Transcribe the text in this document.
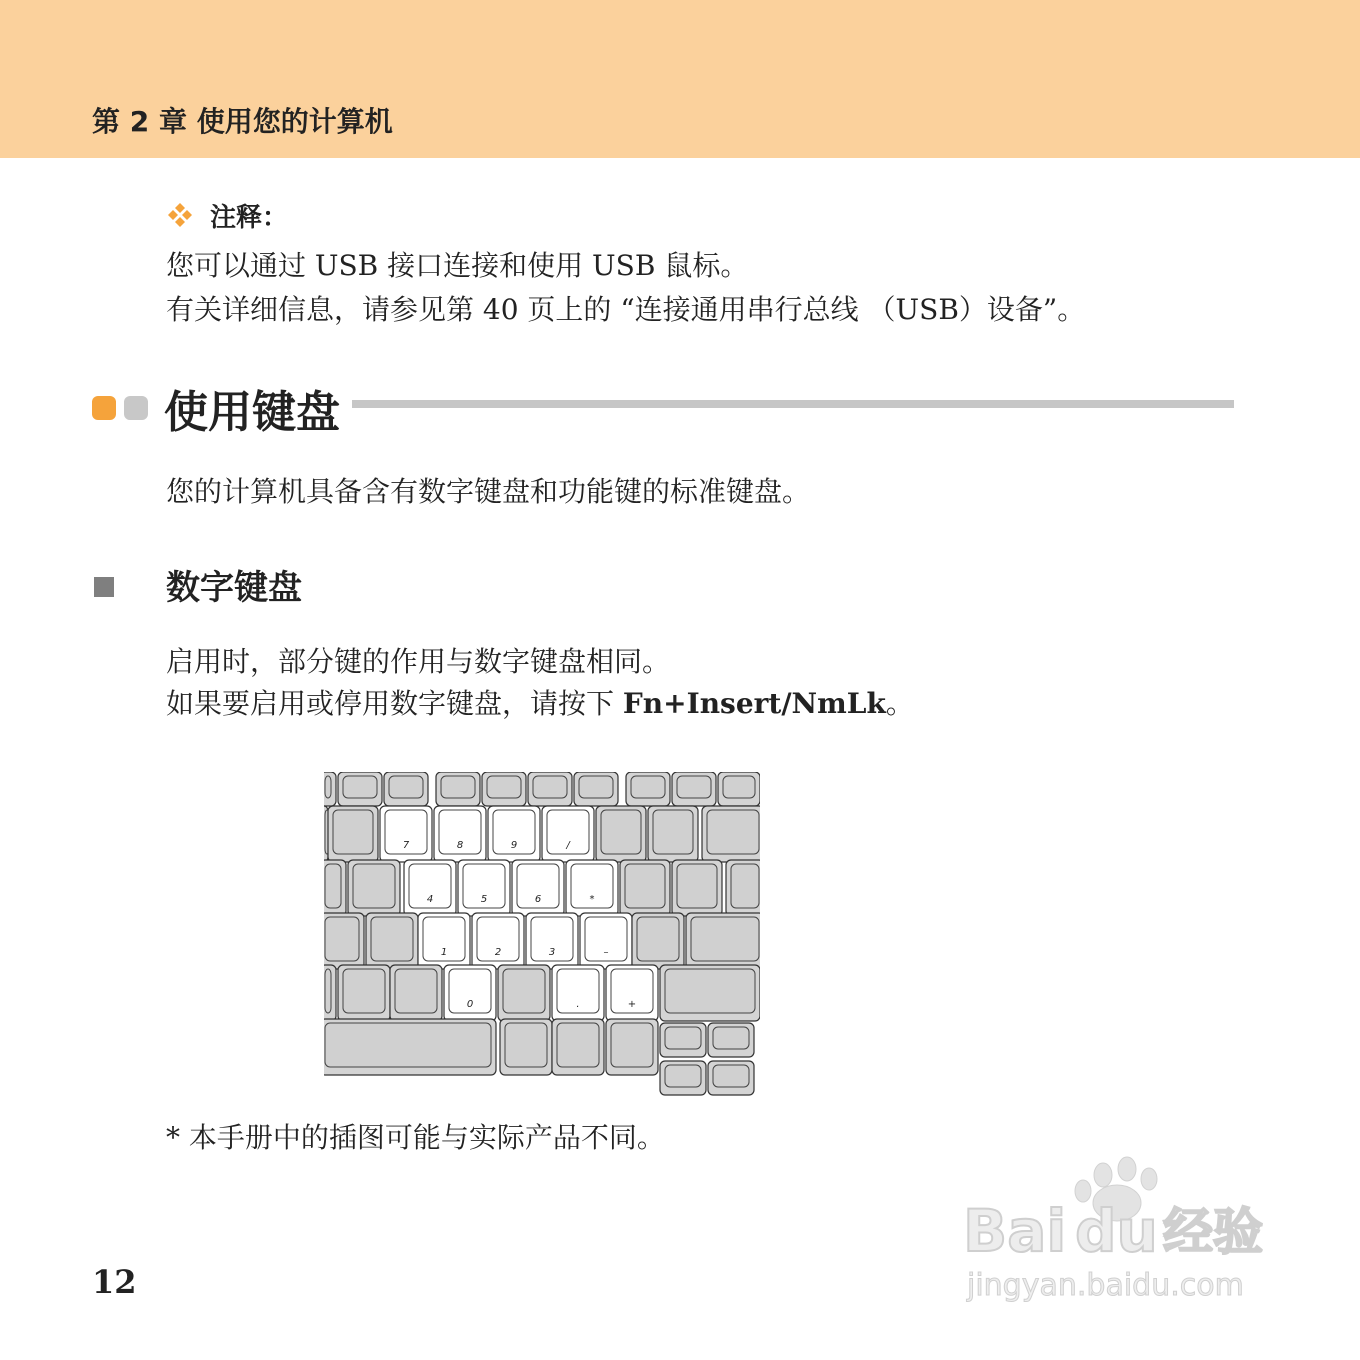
第 2 章 使用您的计算机
注释：
您可以通过 USB 接口连接和使用 USB 鼠标。
有关详细信息，请参见第 40 页上的 “连接通用串行总线 （USB）设备”。
使用键盘
您的计算机具备含有数字键盘和功能键的标准键盘。
数字键盘
启用时，部分键的作用与数字键盘相同。
如果要启用或停用数字键盘，请按下 Fn+Insert/NmLk。
7	8	9	/
4	5	6	*
1	2	3	–
0	.	+
* 本手册中的插图可能与实际产品不同。
12
Bai du 经验
jingyan.baidu.com
